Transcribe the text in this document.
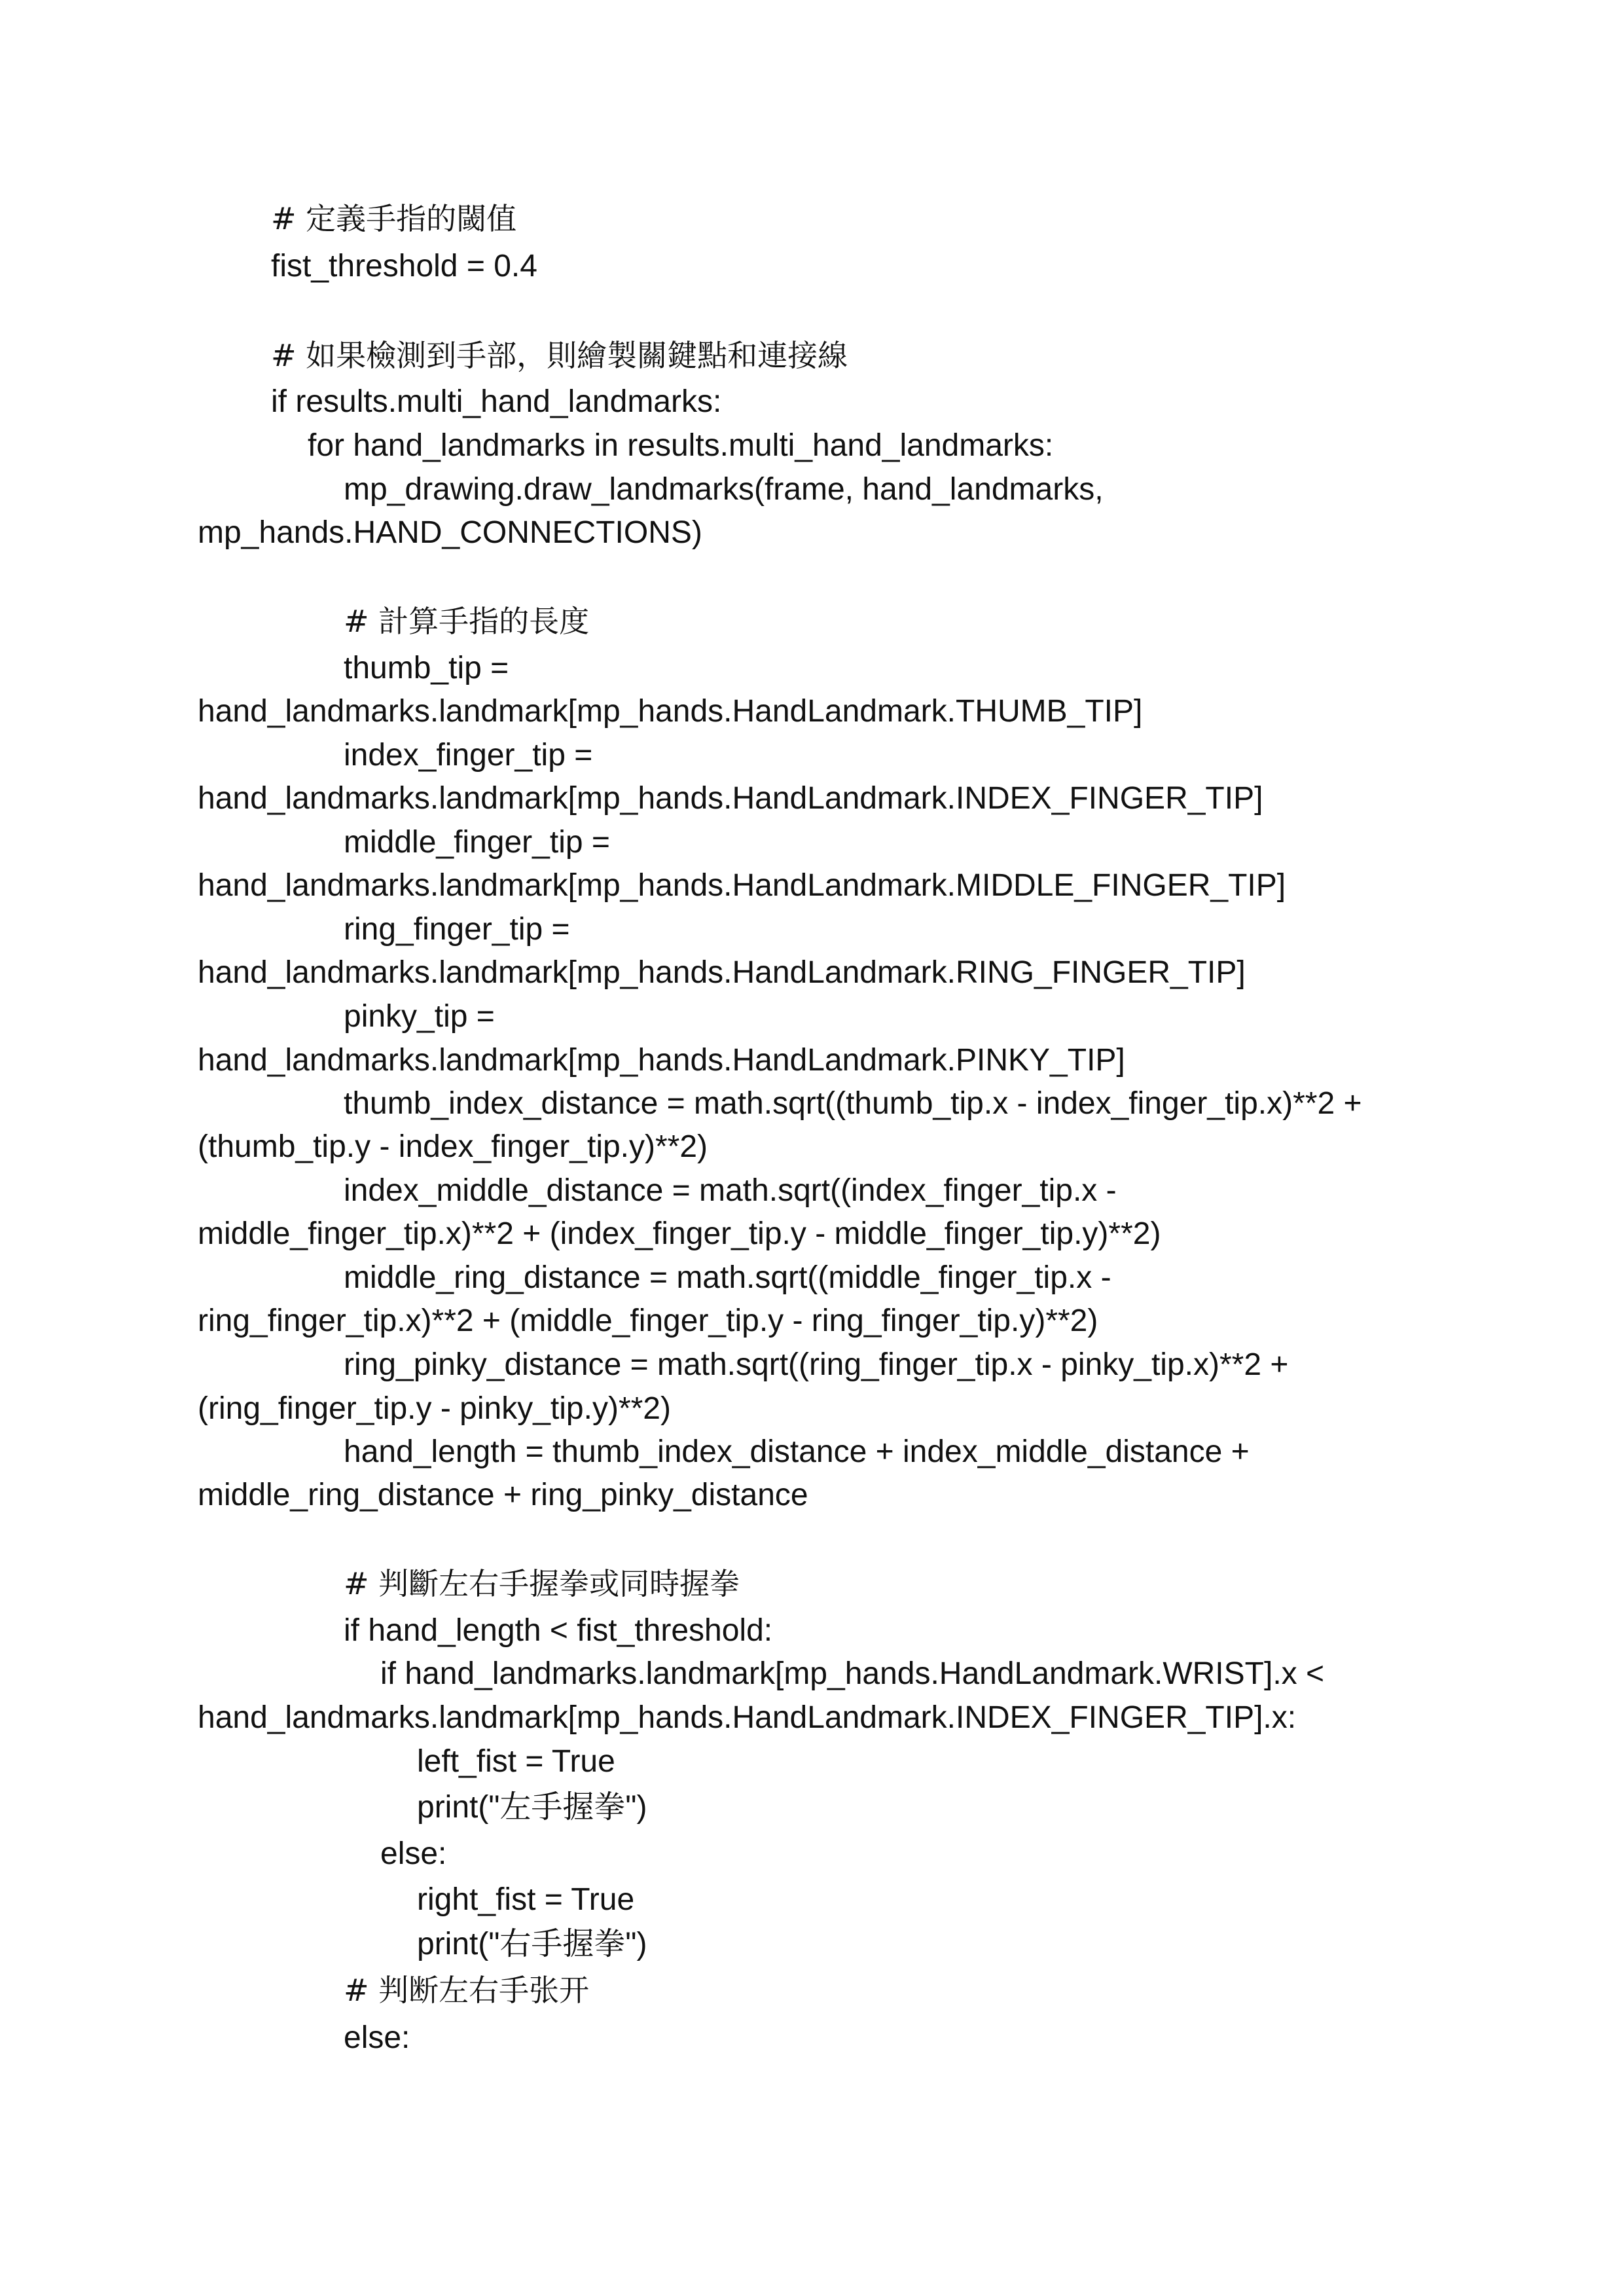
# 定義手指的閾值
fist_threshold = 0.4
# 如果檢測到手部，則繪製關鍵點和連接線
if results.multi_hand_landmarks:
for hand_landmarks in results.multi_hand_landmarks:
mp_drawing.draw_landmarks(frame, hand_landmarks,
mp_hands.HAND_CONNECTIONS)
# 計算手指的長度
thumb_tip =
hand_landmarks.landmark[mp_hands.HandLandmark.THUMB_TIP]
index_finger_tip =
hand_landmarks.landmark[mp_hands.HandLandmark.INDEX_FINGER_TIP]
middle_finger_tip =
hand_landmarks.landmark[mp_hands.HandLandmark.MIDDLE_FINGER_TIP]
ring_finger_tip =
hand_landmarks.landmark[mp_hands.HandLandmark.RING_FINGER_TIP]
pinky_tip =
hand_landmarks.landmark[mp_hands.HandLandmark.PINKY_TIP]
thumb_index_distance = math.sqrt((thumb_tip.x - index_finger_tip.x)**2 +
(thumb_tip.y - index_finger_tip.y)**2)
index_middle_distance = math.sqrt((index_finger_tip.x -
middle_finger_tip.x)**2 + (index_finger_tip.y - middle_finger_tip.y)**2)
middle_ring_distance = math.sqrt((middle_finger_tip.x -
ring_finger_tip.x)**2 + (middle_finger_tip.y - ring_finger_tip.y)**2)
ring_pinky_distance = math.sqrt((ring_finger_tip.x - pinky_tip.x)**2 +
(ring_finger_tip.y - pinky_tip.y)**2)
hand_length = thumb_index_distance + index_middle_distance +
middle_ring_distance + ring_pinky_distance
# 判斷左右手握拳或同時握拳
if hand_length < fist_threshold:
if hand_landmarks.landmark[mp_hands.HandLandmark.WRIST].x <
hand_landmarks.landmark[mp_hands.HandLandmark.INDEX_FINGER_TIP].x:
left_fist = True
print("左手握拳")
else:
right_fist = True
print("右手握拳")
# 判断左右手张开
else:
